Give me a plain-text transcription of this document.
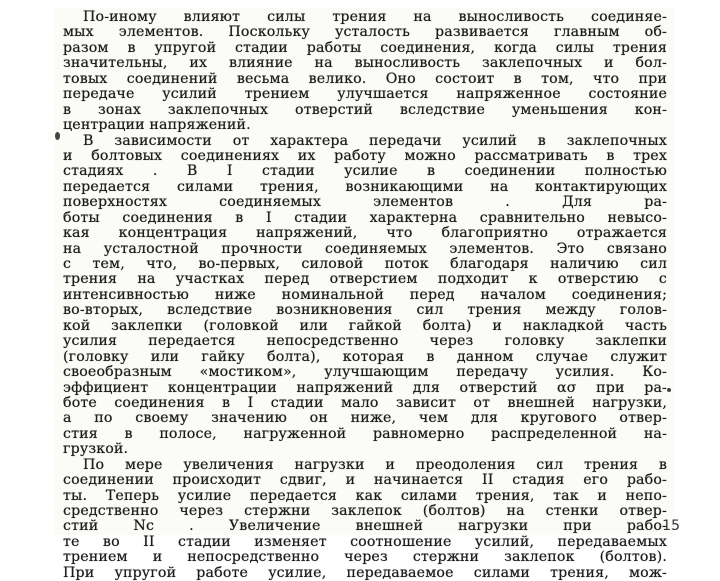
По-иному влияют силы трения на выносливость соединяе-
мых элементов. Поскольку усталость развивается главным об-
разом в упругой стадии работы соединения, когда силы трения
значительны, их влияние на выносливость заклепочных и бол-
товых соединений весьма велико. Оно состоит в том, что при
передаче усилий трением улучшается напряженное состояние
в зонах заклепочных отверстий вследствие уменьшения кон-
центрации напряжений.
В зависимости от характера передачи усилий в заклепочных
и болтовых соединениях их работу можно рассматривать в трех
стадиях . В I стадии усилие в соединении полностью
передается силами трения, возникающими на контактирующих
поверхностях соединяемых элементов . Для ра-
боты соединения в I стадии характерна сравнительно невысо-
кая концентрация напряжений, что благоприятно отражается
на усталостной прочности соединяемых элементов. Это связано
с тем, что, во-первых, силовой поток благодаря наличию сил
трения на участках перед отверстием подходит к отверстию с
интенсивностью ниже номинальной перед началом соединения;
во-вторых, вследствие возникновения сил трения между голов-
кой заклепки (головкой или гайкой болта) и накладкой часть
усилия передается непосредственно через головку заклепки
(головку или гайку болта), которая в данном случае служит
своеобразным «мостиком», улучшающим передачу усилия. Ко-
эффициент концентрации напряжений для отверстий ασ при ра-
боте соединения в I стадии мало зависит от внешней нагрузки,
а по своему значению он ниже, чем для кругового отвер-
стия в полосе, нагруженной равномерно распределенной на-
грузкой.
По мере увеличения нагрузки и преодоления сил трения в
соединении происходит сдвиг, и начинается II стадия его рабо-
ты. Теперь усилие передается как силами трения, так и непо-
средственно через стержни заклепок (болтов) на стенки отвер-
стий Nс . Увеличение внешней нагрузки при рабо-
те во II стадии изменяет соотношение усилий, передаваемых
трением и непосредственно через стержни заклепок (болтов).
При упругой работе усилие, передаваемое силами трения, мож-
15
